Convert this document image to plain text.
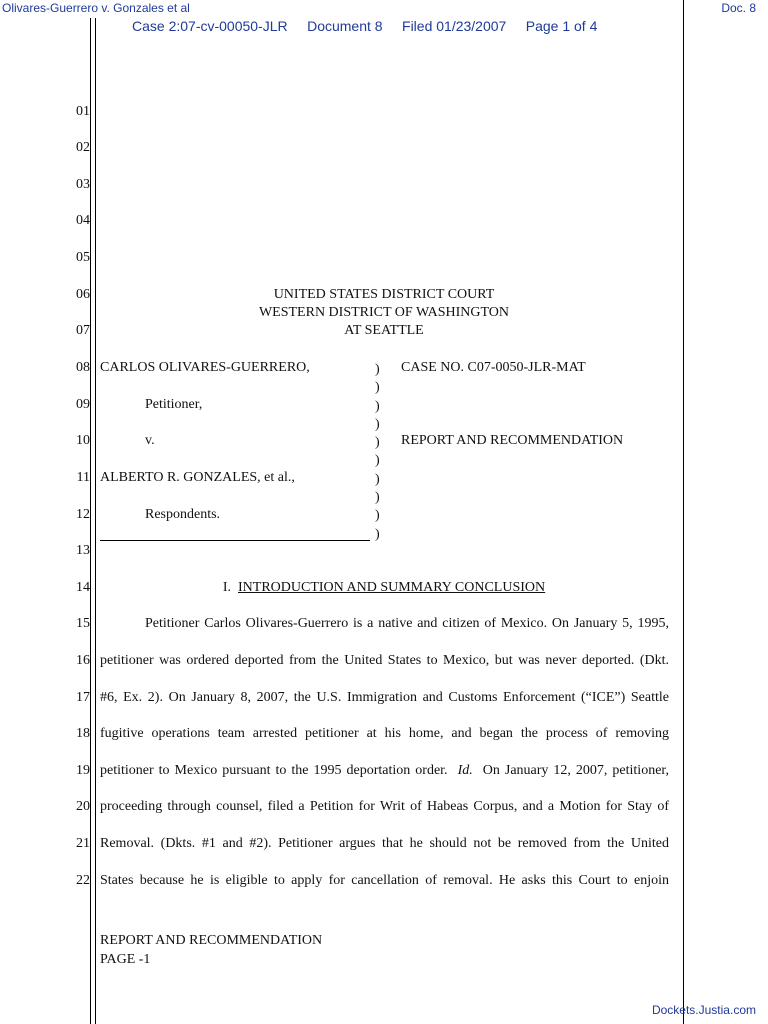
Olivares-Guerrero v. Gonzales et al	Doc. 8
Case 2:07-cv-00050-JLR     Document 8     Filed 01/23/2007     Page 1 of 4
01
02
03
04
05
06
07
08
09
10
11
12
13
14
15
16
17
18
19
20
21
22
UNITED STATES DISTRICT COURT
WESTERN DISTRICT OF WASHINGTON
AT SEATTLE
CARLOS OLIVARES-GUERRERO,
Petitioner,
v.
ALBERTO R. GONZALES, et al.,
Respondents.
)
)
)
)
)
)
)
)
)
)
CASE NO. C07-0050-JLR-MAT
REPORT AND RECOMMENDATION
I. INTRODUCTION AND SUMMARY CONCLUSION
Petitioner Carlos Olivares-Guerrero is a native and citizen of Mexico. On January 5, 1995,
petitioner was ordered deported from the United States to Mexico, but was never deported. (Dkt.
#6, Ex. 2). On January 8, 2007, the U.S. Immigration and Customs Enforcement (“ICE”) Seattle
fugitive operations team arrested petitioner at his home, and began the process of removing
petitioner to Mexico pursuant to the 1995 deportation order. Id. On January 12, 2007, petitioner,
proceeding through counsel, filed a Petition for Writ of Habeas Corpus, and a Motion for Stay of
Removal. (Dkts. #1 and #2). Petitioner argues that he should not be removed from the United
States because he is eligible to apply for cancellation of removal. He asks this Court to enjoin
REPORT AND RECOMMENDATION
PAGE -1
Dockets.Justia.com
